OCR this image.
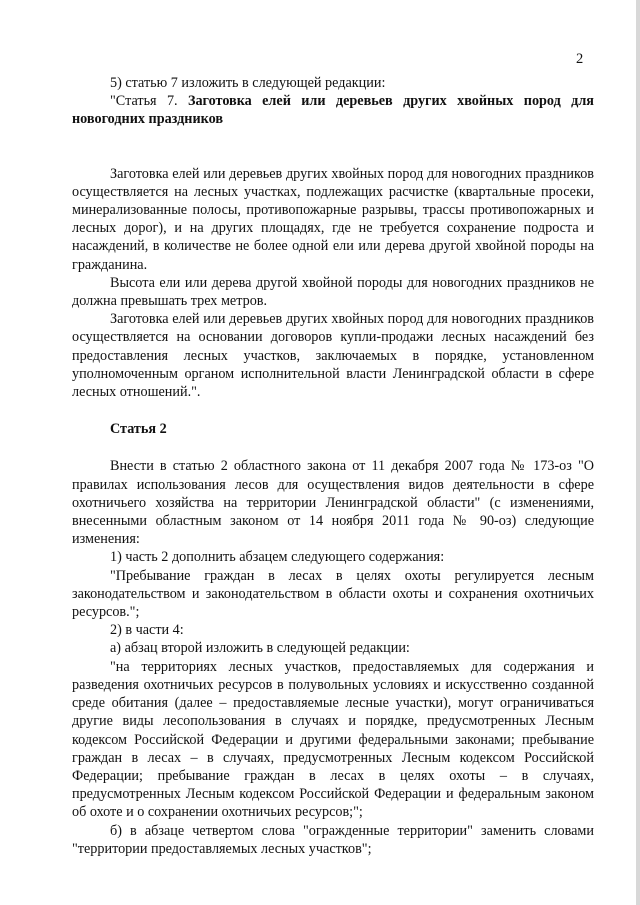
2

5) статью 7 изложить в следующей редакции:

"Статья 7. Заготовка елей или деревьев других хвойных пород для новогодних праздников

Заготовка елей или деревьев других хвойных пород для новогодних праздников осуществляется на лесных участках, подлежащих расчистке (квартальные просеки, минерализованные полосы, противопожарные разрывы, трассы противопожарных и лесных дорог), и на других площадях, где не требуется сохранение подроста и насаждений, в количестве не более одной ели или дерева другой хвойной породы на гражданина.

Высота ели или дерева другой хвойной породы для новогодних праздников не должна превышать трех метров.

Заготовка елей или деревьев других хвойных пород для новогодних праздников осуществляется на основании договоров купли-продажи лесных насаждений без предоставления лесных участков, заключаемых в порядке, установленном уполномоченным органом исполнительной власти Ленинградской области в сфере лесных отношений.".

Статья 2

Внести в статью 2 областного закона от 11 декабря 2007 года № 173-оз "О правилах использования лесов для осуществления видов деятельности в сфере охотничьего хозяйства на территории Ленинградской области" (с изменениями, внесенными областным законом от 14 ноября 2011 года № 90-оз) следующие изменения:

1) часть 2 дополнить абзацем следующего содержания:

"Пребывание граждан в лесах в целях охоты регулируется лесным законодательством и законодательством в области охоты и сохранения охотничьих ресурсов.";

2) в части 4:

а) абзац второй изложить в следующей редакции:

"на территориях лесных участков, предоставляемых для содержания и разведения охотничьих ресурсов в полувольных условиях и искусственно созданной среде обитания (далее – предоставляемые лесные участки), могут ограничиваться другие виды лесопользования в случаях и порядке, предусмотренных Лесным кодексом Российской Федерации и другими федеральными законами; пребывание граждан в лесах – в случаях, предусмотренных Лесным кодексом Российской Федерации; пребывание граждан в лесах в целях охоты – в случаях, предусмотренных Лесным кодексом Российской Федерации и федеральным законом об охоте и о сохранении охотничьих ресурсов;";

б) в абзаце четвертом слова "огражденные территории" заменить словами "территории предоставляемых лесных участков";
